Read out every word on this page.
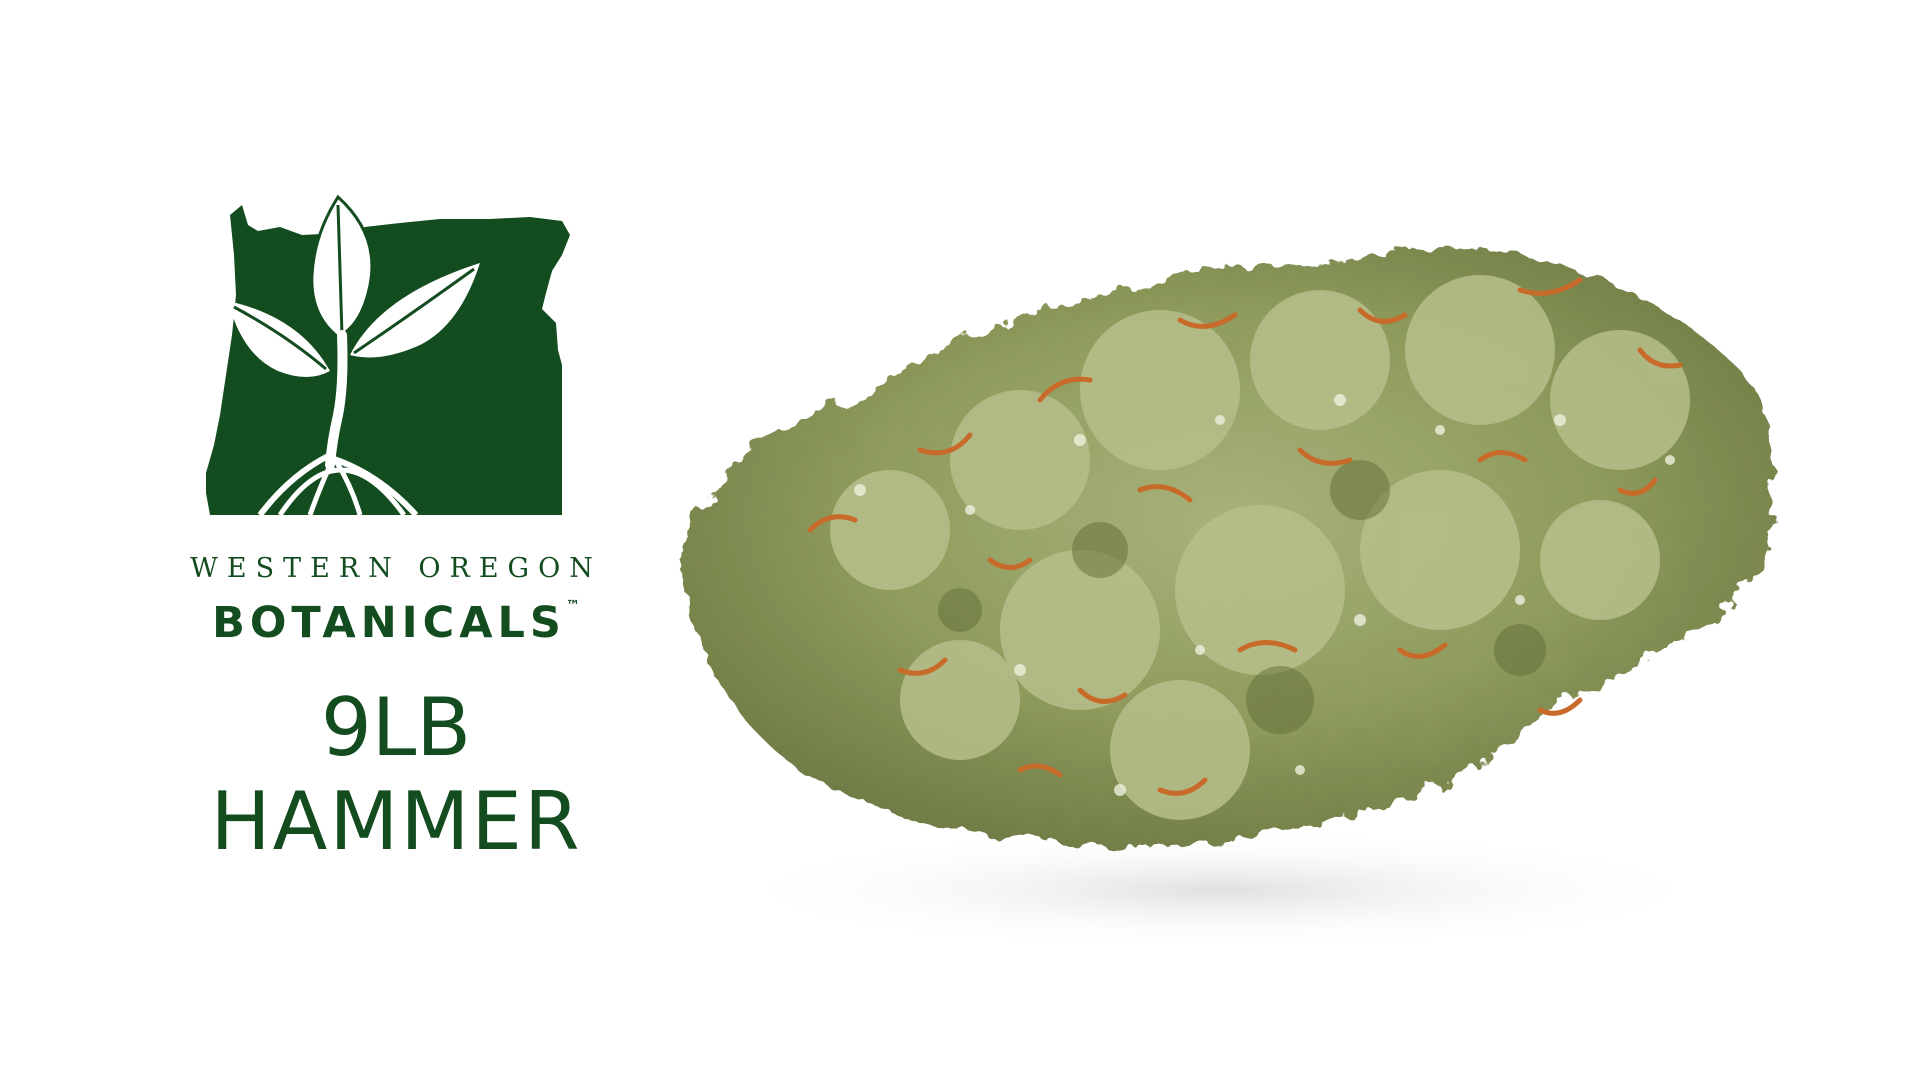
WESTERN OREGON
BOTANICALS™
9LB
HAMMER
